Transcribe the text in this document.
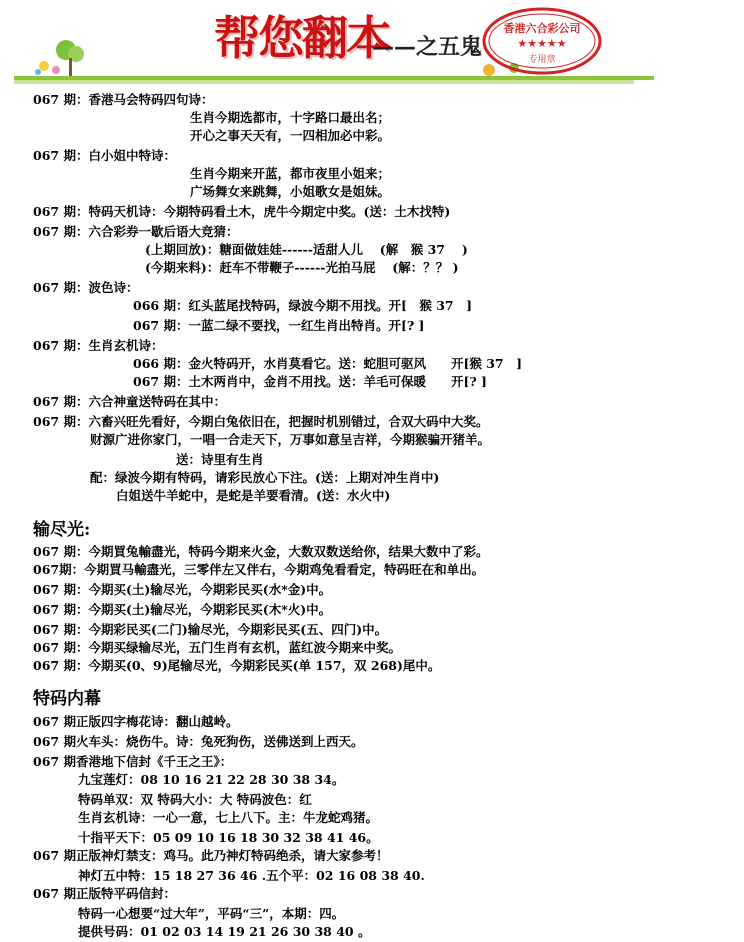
帮您翻本
——之五鬼
香港六合彩公司
★★★★★
专用章
067 期：香港马会特码四句诗：
生肖今期选都市，十字路口最出名；
开心之事天天有，一四相加必中彩。
067 期：白小姐中特诗：
生肖今期来开蓝，都市夜里小姐来；
广场舞女来跳舞，小姐歌女是姐妹。
067 期：特码天机诗：今期特码看土木，虎牛今期定中奖。(送：土木找特)
067 期：六合彩券一歇后语大竞猜：
(上期回放)：糖面做娃娃------适甜人儿　 (解　猴 37　 )
(今期来料)：赶车不带鞭子------光拍马屁　 (解：？？ )
067 期：波色诗：
066 期：红头蓝尾找特码，绿波今期不用找。开[　猴 37　]
067 期：一蓝二绿不要找，一红生肖出特肖。开[? ]
067 期：生肖玄机诗：
066 期：金火特码开，水肖莫看它。送：蛇胆可驱风　　开[猴 37　]
067 期：土木两肖中，金肖不用找。送：羊毛可保暖　　开[? ]
067 期：六合神童送特码在其中：
067 期：六畜兴旺先看好，今期白兔依旧在，把握时机别错过，合双大码中大奖。
财源广进你家门，一唱一合走天下，万事如意呈吉祥，今期猴骗开猪羊。
送：诗里有生肖
配：绿波今期有特码，请彩民放心下注。(送：上期对冲生肖中)
白姐送牛羊蛇中，是蛇是羊要看清。(送：水火中)
输尽光:
067 期：今期買兔輸盡光，特码今期来火金，大数双数送给你，结果大数中了彩。
067期：今期買马輸盡光，三零伴左又伴右，今期鸡兔看看定，特码旺在和单出。
067 期：今期买(土)输尽光，今期彩民买(水*金)中。
067 期：今期买(土)输尽光，今期彩民买(木*火)中。
067 期：今期彩民买(二门)输尽光，今期彩民买(五、四门)中。
067 期：今期买绿输尽光，五门生肖有玄机，蓝红波今期来中奖。
067 期：今期买(0、9)尾输尽光，今期彩民买(单 157，双 268)尾中。
特码内幕
067 期正版四字梅花诗：翻山越岭。
067 期火车头：烧伤牛。诗：兔死狗伤，送佛送到上西天。
067 期香港地下信封《千王之王》：
九宝莲灯：08 10 16 21 22 28 30 38 34。
特码单双：双 特码大小：大 特码波色：红
生肖玄机诗：一心一意，七上八下。主：牛龙蛇鸡猪。
十指平天下：05 09 10 16 18 30 32 38 41 46。
067 期正版神灯禁支：鸡马。此乃神灯特码绝杀，请大家参考！
神灯五中特：15 18 27 36 46 .五个平：02 16 08 38 40.
067 期正版特平码信封：
特码一心想要“过大年”，平码“三”，本期：四。
提供号码：01 02 03 14 19 21 26 30 38 40 。
